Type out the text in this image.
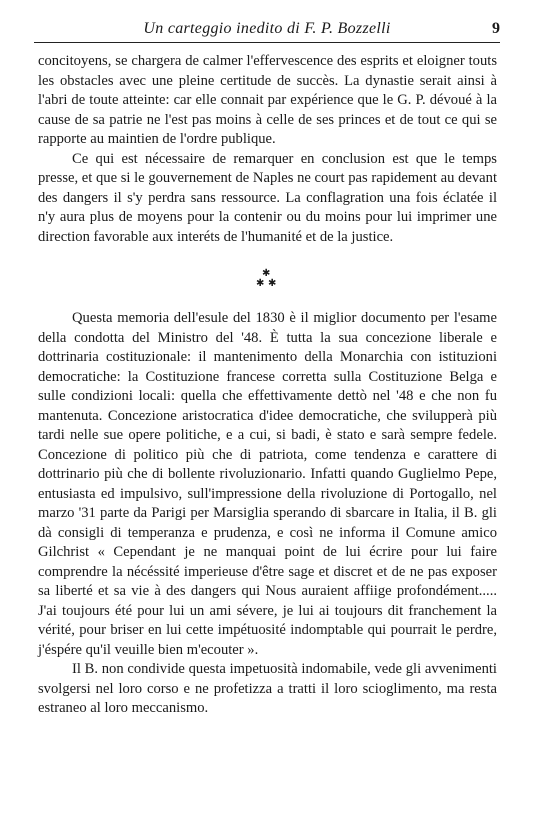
Un carteggio inedito di F. P. Bozzelli	9

concitoyens, se chargera de calmer l'effervescence des esprits et eloigner touts les obstacles avec une pleine certitude de succès. La dynastie serait ainsi à l'abri de toute atteinte: car elle connait par expérience que le G. P. dévoué à la cause de sa patrie ne l'est pas moins à celle de ses princes et de tout ce qui se rapporte au maintien de l'ordre publique.

Ce qui est nécessaire de remarquer en conclusion est que le temps presse, et que si le gouvernement de Naples ne court pas rapidement au devant des dangers il s'y perdra sans ressource. La conflagration una fois éclatée il n'y aura plus de moyens pour la contenir ou du moins pour lui imprimer une direction favorable aux interéts de l'humanité et de la justice.

✱
✱ ✱

Questa memoria dell'esule del 1830 è il miglior documento per l'esame della condotta del Ministro del '48. È tutta la sua concezione liberale e dottrinaria costituzionale: il mantenimento della Monarchia con istituzioni democratiche: la Costituzione francese corretta sulla Costituzione Belga e sulle condizioni locali: quella che effettivamente dettò nel '48 e che non fu mantenuta. Concezione aristocratica d'idee democratiche, che svilupperà più tardi nelle sue opere politiche, e a cui, si badi, è stato e sarà sempre fedele. Concezione di politico più che di patriota, come tendenza e carattere di dottrinario più che di bollente rivoluzionario. Infatti quando Guglielmo Pepe, entusiasta ed impulsivo, sull'impressione della rivoluzione di Portogallo, nel marzo '31 parte da Parigi per Marsiglia sperando di sbarcare in Italia, il B. gli dà consigli di temperanza e prudenza, e così ne informa il Comune amico Gilchrist « Cependant je ne manquai point de lui écrire pour lui faire comprendre la nécéssité imperieuse d'être sage et discret et de ne pas exposer sa liberté et sa vie à des dangers qui Nous auraient affiige profondément..... J'ai toujours été pour lui un ami sévere, je lui ai toujours dit franchement la vérité, pour briser en lui cette impétuosité indomptable qui pourrait le perdre, j'éspére qu'il veuille bien m'ecouter ».

Il B. non condivide questa impetuosità indomabile, vede gli avvenimenti svolgersi nel loro corso e ne profetizza a tratti il loro scioglimento, ma resta estraneo al loro meccanismo.
